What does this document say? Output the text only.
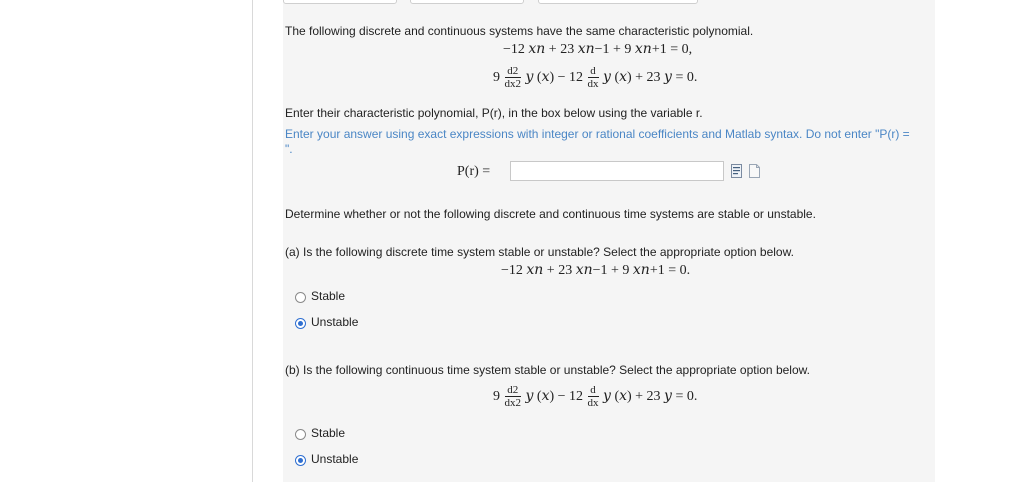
The following discrete and continuous systems have the same characteristic polynomial.
−12 𝑥𝑛 + 23 𝑥𝑛−1 + 9 𝑥𝑛+1 = 0,
$9 \frac{d2}{dx2}$ 𝑦 (𝑥) − $12 \frac{d}{dx}$ 𝑦 (𝑥) + 23 𝑦 = 0.
Enter their characteristic polynomial, P(r), in the box below using the variable r.
Enter your answer using exact expressions with integer or rational coefficients and Matlab syntax. Do not enter "P(r) =
".
P(r) =
Determine whether or not the following discrete and continuous time systems are stable or unstable.
(a) Is the following discrete time system stable or unstable? Select the appropriate option below.
−12 𝑥𝑛 + 23 𝑥𝑛−1 + 9 𝑥𝑛+1 = 0.
Stable
Unstable
(b) Is the following continuous time system stable or unstable? Select the appropriate option below.
$9 \frac{d2}{dx2}$ 𝑦 (𝑥) − $12 \frac{d}{dx}$ 𝑦 (𝑥) + 23 𝑦 = 0.
Stable
Unstable
